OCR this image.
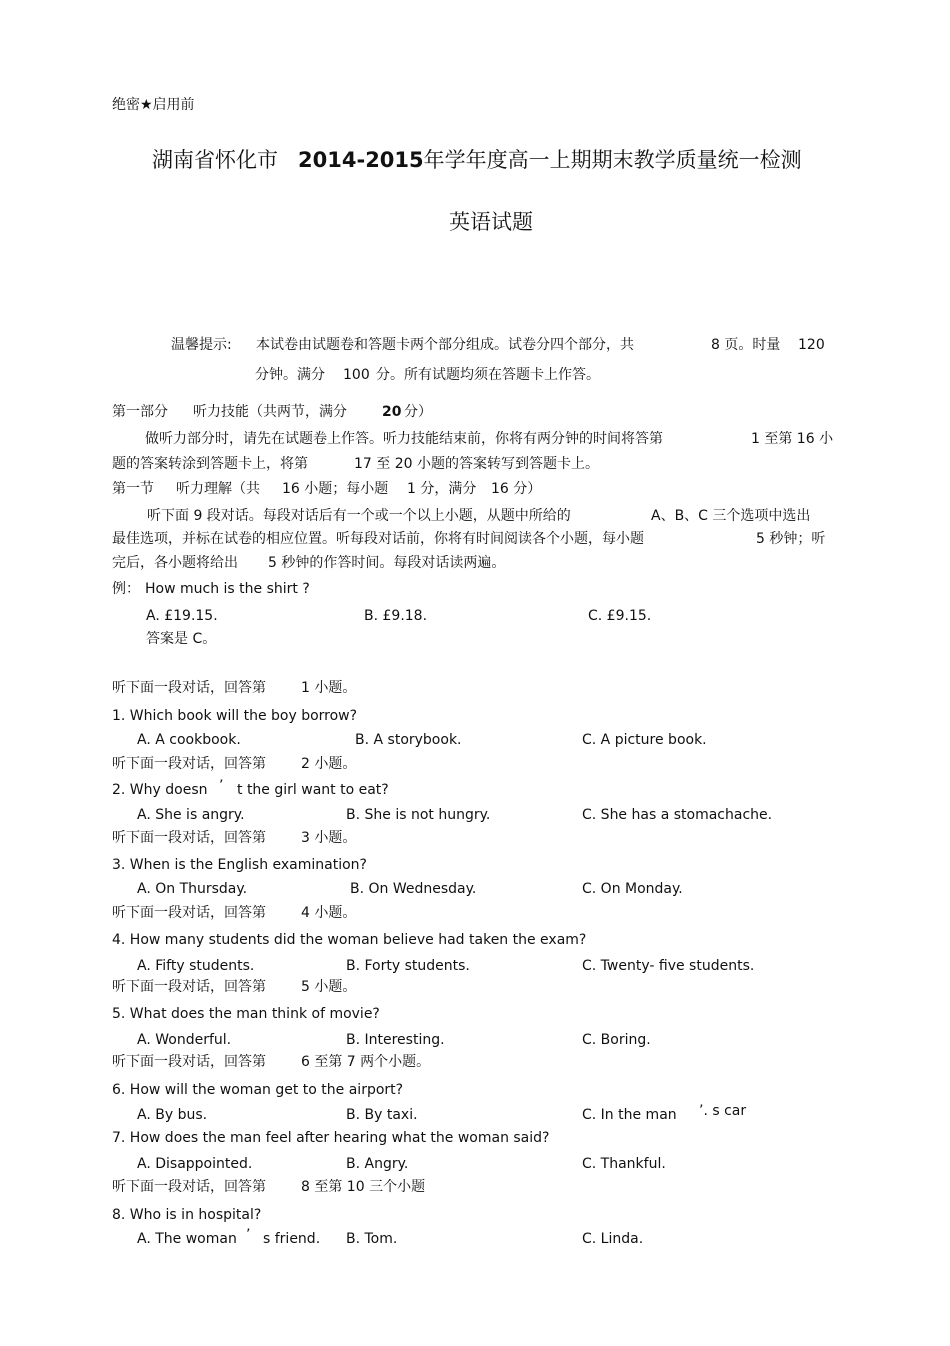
绝密★启用前
湖南省怀化市 2014-2015年学年度高一上期期末教学质量统一检测
英语试题
温馨提示: 本试卷由试题卷和答题卡两个部分组成。试卷分四个部分，共	8 页。时量 120
分钟。满分 100 分。所有试题均须在答题卡上作答。
第一部分 听力技能（共两节，满分	20 分）
做听力部分时，请先在试题卷上作答。听力技能结束前，你将有两分钟的时间将答第	1 至第 16 小
题的答案转涂到答题卡上，将第	17 至 20 小题的答案转写到答题卡上。
第一节 听力理解（共 16 小题；每小题 1 分，满分 16 分）
听下面 9 段对话。每段对话后有一个或一个以上小题，从题中所给的	A、B、C 三个选项中选出
最佳选项，并标在试卷的相应位置。听每段对话前，你将有时间阅读各个小题，每小题	5 秒钟；听
完后，各小题将给出 5 秒钟的作答时间。每段对话读两遍。
例： How much is the shirt ?
A. £19.15.	B. £9.18.	C. £9.15.
答案是 C。
听下面一段对话，回答第	1 小题。
1. Which book will the boy borrow?
A. A cookbook.	B. A storybook.	C. A picture book.
听下面一段对话，回答第	2 小题。
2. Why doesn ’ t the girl want to eat?
A. She is angry.	B. She is not hungry.	C. She has a stomachache.
听下面一段对话，回答第	3 小题。
3. When is the English examination?
A. On Thursday.	B. On Wednesday.	C. On Monday.
听下面一段对话，回答第	4 小题。
4. How many students did the woman believe had taken the exam?
A. Fifty students.	B. Forty students.	C. Twenty- five students.
听下面一段对话，回答第	5 小题。
5. What does the man think of movie?
A. Wonderful.	B. Interesting.	C. Boring.
听下面一段对话，回答第	6 至第 7 两个小题。
6. How will the woman get to the airport?
A. By bus.	B. By taxi.	C. In the man ’. s car
7. How does the man feel after hearing what the woman said?
A. Disappointed.	B. Angry.	C. Thankful.
听下面一段对话，回答第	8 至第 10 三个小题
8. Who is in hospital?
A. The woman ’ s friend. B. Tom.	C. Linda.
